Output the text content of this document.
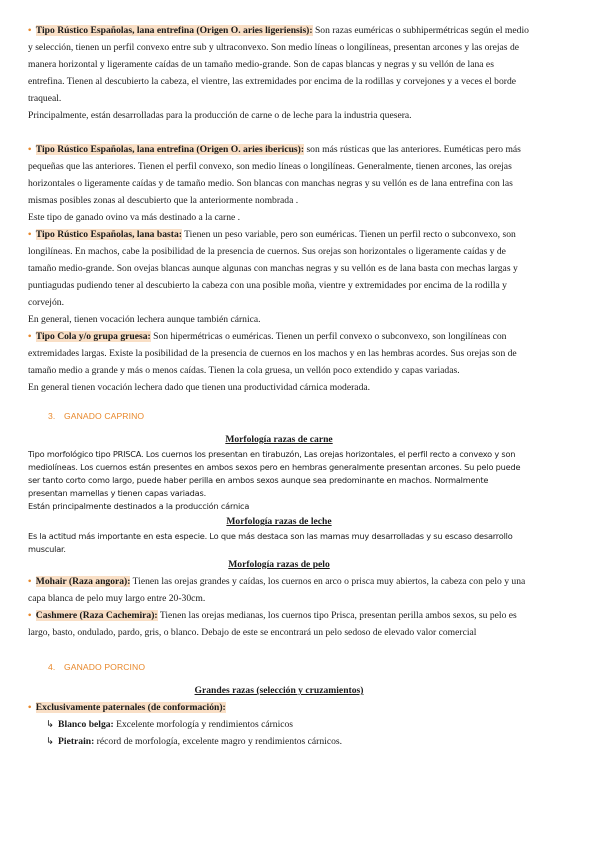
• Tipo Rústico Españolas, lana entrefina (Origen O. aries ligeriensis): Son razas euméricas o subhipermétricas según el medio y selección, tienen un perfil convexo entre sub y ultraconvexo. Son medio líneas o longilíneas, presentan arcones y las orejas de manera horizontal y ligeramente caídas de un tamaño medio-grande. Son de capas blancas y negras y su vellón de lana es entrefina. Tienen al descubierto la cabeza, el vientre, las extremidades por encima de la rodillas y corvejones y a veces el borde traqueal.

Principalmente, están desarrolladas para la producción de carne o de leche para la industria quesera.

• Tipo Rústico Españolas, lana entrefina (Origen O. aries ibericus): son más rústicas que las anteriores. Euméticas pero más pequeñas que las anteriores. Tienen el perfil convexo, son medio líneas o longilíneas. Generalmente, tienen arcones, las orejas horizontales o ligeramente caídas y de tamaño medio. Son blancas con manchas negras y su vellón es de lana entrefina con las mismas posibles zonas al descubierto que la anteriormente nombrada .

Este tipo de ganado ovino va más destinado a la carne .

• Tipo Rústico Españolas, lana basta: Tienen un peso variable, pero son euméricas. Tienen un perfil recto o subconvexo, son longilíneas. En machos, cabe la posibilidad de la presencia de cuernos. Sus orejas son horizontales o ligeramente caídas y de tamaño medio-grande. Son ovejas blancas aunque algunas con manchas negras y su vellón es de lana basta con mechas largas y puntiagudas pudiendo tener al descubierto la cabeza con una posible moña, vientre y extremidades por encima de la rodilla y corvejón.

En general, tienen vocación lechera aunque también cárnica.

• Tipo Cola y/o grupa gruesa: Son hipermétricas o euméricas. Tienen un perfil convexo o subconvexo, son longilíneas con extremidades largas. Existe la posibilidad de la presencia de cuernos en los machos y en las hembras acordes. Sus orejas son de tamaño medio a grande y más o menos caídas. Tienen la cola gruesa, un vellón poco extendido y capas variadas.

En general tienen vocación lechera dado que tienen una productividad cárnica moderada.

3. GANADO CAPRINO

Morfología razas de carne

Tipo morfológico tipo PRISCA. Los cuernos los presentan en tirabuzón, Las orejas horizontales, el perfil recto a convexo y son mediolíneas. Los cuernos están presentes en ambos sexos pero en hembras generalmente presentan arcones. Su pelo puede ser tanto corto como largo, puede haber perilla en ambos sexos aunque sea predominante en machos. Normalmente presentan mamellas y tienen capas variadas.

Están principalmente destinados a la producción cárnica

Morfología razas de leche

Es la actitud más importante en esta especie. Lo que más destaca son las mamas muy desarrolladas y su escaso desarrollo muscular.

Morfología razas de pelo

• Mohair (Raza angora): Tienen las orejas grandes y caídas, los cuernos en arco o prisca muy abiertos, la cabeza con pelo y una capa blanca de pelo muy largo entre 20-30cm.

• Cashmere (Raza Cachemira): Tienen las orejas medianas, los cuernos tipo Prisca, presentan perilla ambos sexos, su pelo es largo, basto, ondulado, pardo, gris, o blanco. Debajo de este se encontrará un pelo sedoso de elevado valor comercial

4. GANADO PORCINO

Grandes razas (selección y cruzamientos)

• Exclusivamente paternales (de conformación):

↳ Blanco belga: Excelente morfología y rendimientos cárnicos

↳ Pietrain: récord de morfología, excelente magro y rendimientos cárnicos.
